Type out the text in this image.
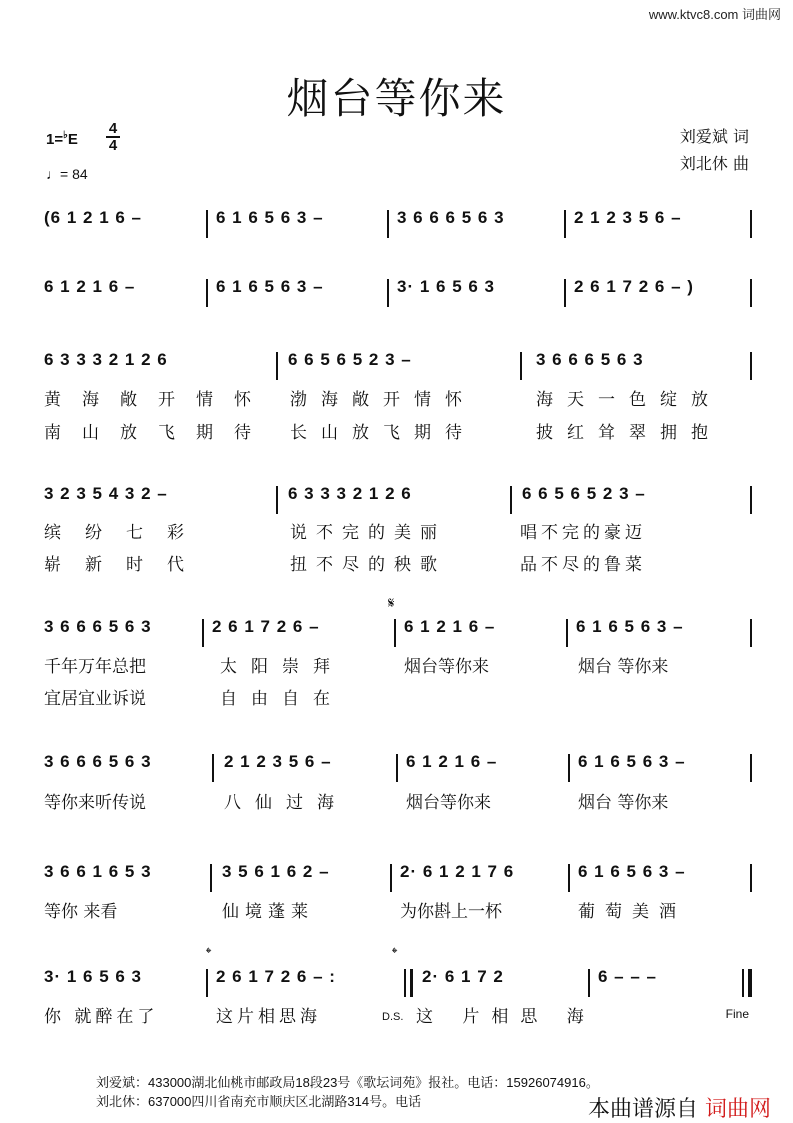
www.ktvc8.com 词曲网
烟台等你来
1=♭E
4
4
♩= 84
刘爱斌 词
刘北休 曲
(6 1 2 1 6 –	6 1 6 5 6 3 –	3 6 6 6 5 6 3	2 1 2 3 5 6 –
6 1 2 1 6 –	6 1 6 5 6 3 –	3· 1 6 5 6 3	2 6 1 7 2 6 – )
6 3 3 3 2 1 2 6	6 6 5 6 5 2 3 –	3 6 6 6 5 6 3
黄海敞开情怀 渤海敞开情怀	海天一色绽放
南山放飞期待 长山放飞期待	披红耸翠拥抱
3 2 3 5 4 3 2 –	6 3 3 3 2 1 2 6	6 6 5 6 5 2 3 –
缤纷七彩	说不完的美丽	唱不完的豪迈
崭新时代	扭不尽的秧歌	品不尽的鲁菜
𝄋
3 6 6 6 5 6 3	2 6 1 7 2 6 –	6 1 2 1 6 –	6 1 6 5 6 3 –
千年万年总把	太阳崇拜	烟台等你来	烟台 等你来
宜居宜业诉说	自由自在
3 6 6 6 5 6 3	2 1 2 3 5 6 –	6 1 2 1 6 –	6 1 6 5 6 3 –
等你来听传说	八仙过海	烟台等你来	烟台 等你来
3 6 6 1 6 5 3	3 5 6 1 6 2 –	2· 6 1 2 1 7 6	6 1 6 5 6 3 –
等你 来看	仙境蓬莱	为你斟上一杯	葡萄美酒
𝄌	𝄌
3· 1 6 5 6 3	2 6 1 7 2 6 – :	2· 6 1 7 2	6 – – –
你 就醉在了	这片相思海	这 片相思 海
D.S.	Fine
刘爱斌：433000湖北仙桃市邮政局18段23号《歌坛词苑》报社。电话：15926074916。
刘北休：637000四川省南充市顺庆区北湖路314号。电话	本曲谱源自 词曲网
